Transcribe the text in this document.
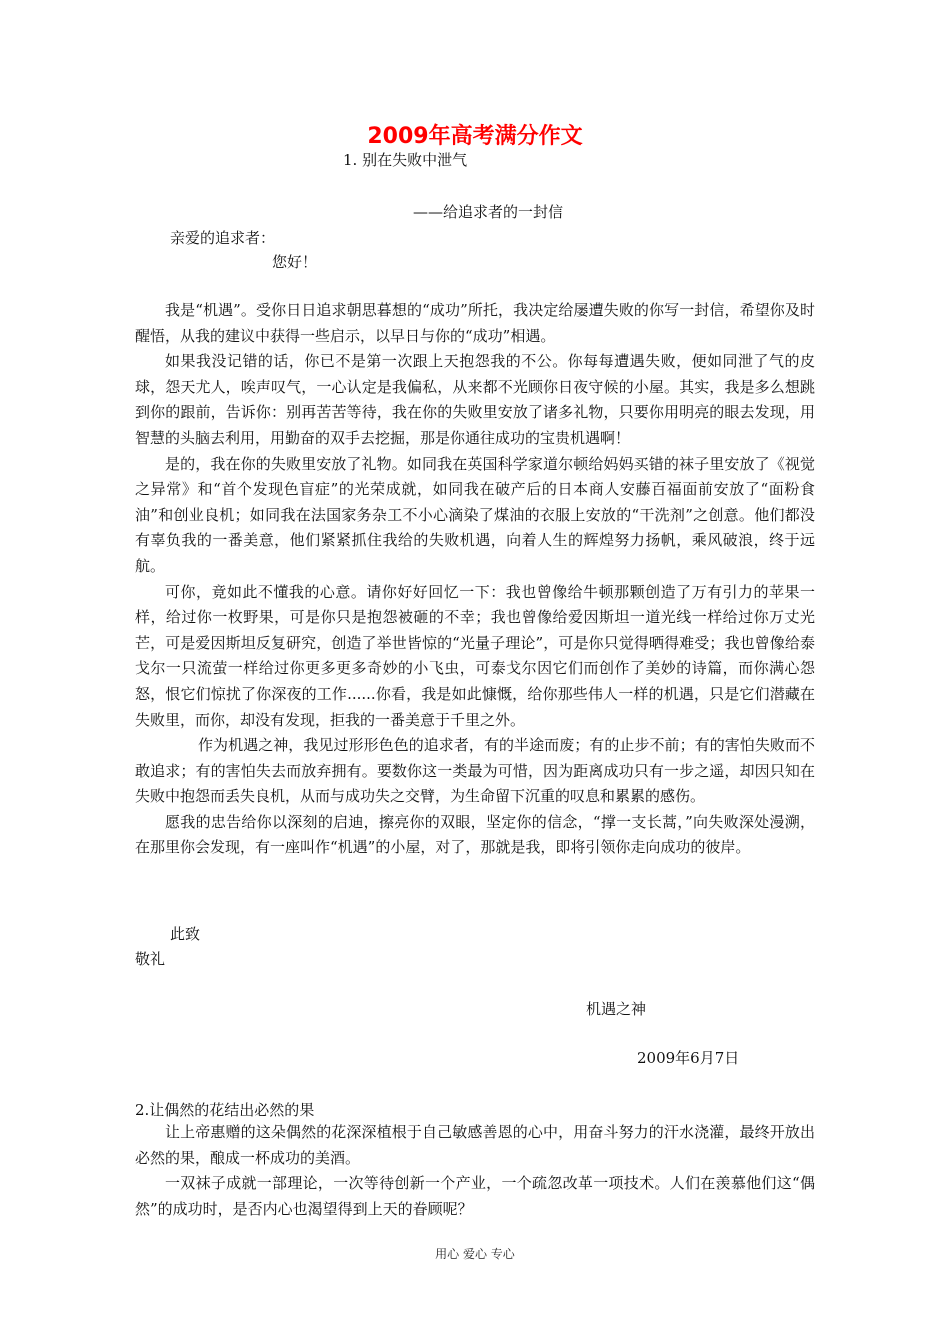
2009年高考满分作文
1. 别在失败中泄气
——给追求者的一封信
亲爱的追求者：
您好！

我是“机遇”。受你日日追求朝思暮想的“成功”所托，我决定给屡遭失败的你写一封信，希望你及时醒悟，从我的建议中获得一些启示，以早日与你的“成功”相遇。

如果我没记错的话，你已不是第一次跟上天抱怨我的不公。你每每遭遇失败，便如同泄了气的皮球，怨天尤人，唉声叹气，一心认定是我偏私，从来都不光顾你日夜守候的小屋。其实，我是多么想跳到你的跟前，告诉你：别再苦苦等待，我在你的失败里安放了诸多礼物，只要你用明亮的眼去发现，用智慧的头脑去利用，用勤奋的双手去挖掘，那是你通往成功的宝贵机遇啊！

是的，我在你的失败里安放了礼物。如同我在英国科学家道尔顿给妈妈买错的袜子里安放了《视觉之异常》和“首个发现色盲症”的光荣成就，如同我在破产后的日本商人安藤百福面前安放了“面粉食油”和创业良机；如同我在法国家务杂工不小心滴染了煤油的衣服上安放的“干洗剂”之创意。他们都没有辜负我的一番美意，他们紧紧抓住我给的失败机遇，向着人生的辉煌努力扬帆，乘风破浪，终于远航。

可你，竟如此不懂我的心意。请你好好回忆一下：我也曾像给牛顿那颗创造了万有引力的苹果一样，给过你一枚野果，可是你只是抱怨被砸的不幸；我也曾像给爱因斯坦一道光线一样给过你万丈光芒，可是爱因斯坦反复研究，创造了举世皆惊的“光量子理论”，可是你只觉得晒得难受；我也曾像给泰戈尔一只流萤一样给过你更多更多奇妙的小飞虫，可泰戈尔因它们而创作了美妙的诗篇，而你满心怨怒，恨它们惊扰了你深夜的工作......你看，我是如此慷慨，给你那些伟人一样的机遇，只是它们潜藏在失败里，而你，却没有发现，拒我的一番美意于千里之外。

作为机遇之神，我见过形形色色的追求者，有的半途而废；有的止步不前；有的害怕失败而不敢追求；有的害怕失去而放弃拥有。要数你这一类最为可惜，因为距离成功只有一步之遥，却因只知在失败中抱怨而丢失良机，从而与成功失之交臂，为生命留下沉重的叹息和累累的感伤。

愿我的忠告给你以深刻的启迪，擦亮你的双眼，坚定你的信念，“撑一支长蒿，”向失败深处漫溯，在那里你会发现，有一座叫作“机遇”的小屋，对了，那就是我，即将引领你走向成功的彼岸。

此致
敬礼
机遇之神
2009年6月7日
2.让偶然的花结出必然的果

让上帝惠赠的这朵偶然的花深深植根于自己敏感善恩的心中，用奋斗努力的汗水浇灌，最终开放出必然的果，酿成一杯成功的美酒。

一双袜子成就一部理论，一次等待创新一个产业，一个疏忽改革一项技术。人们在羡慕他们这“偶然”的成功时，是否内心也渴望得到上天的眷顾呢？

用心 爱心 专心
